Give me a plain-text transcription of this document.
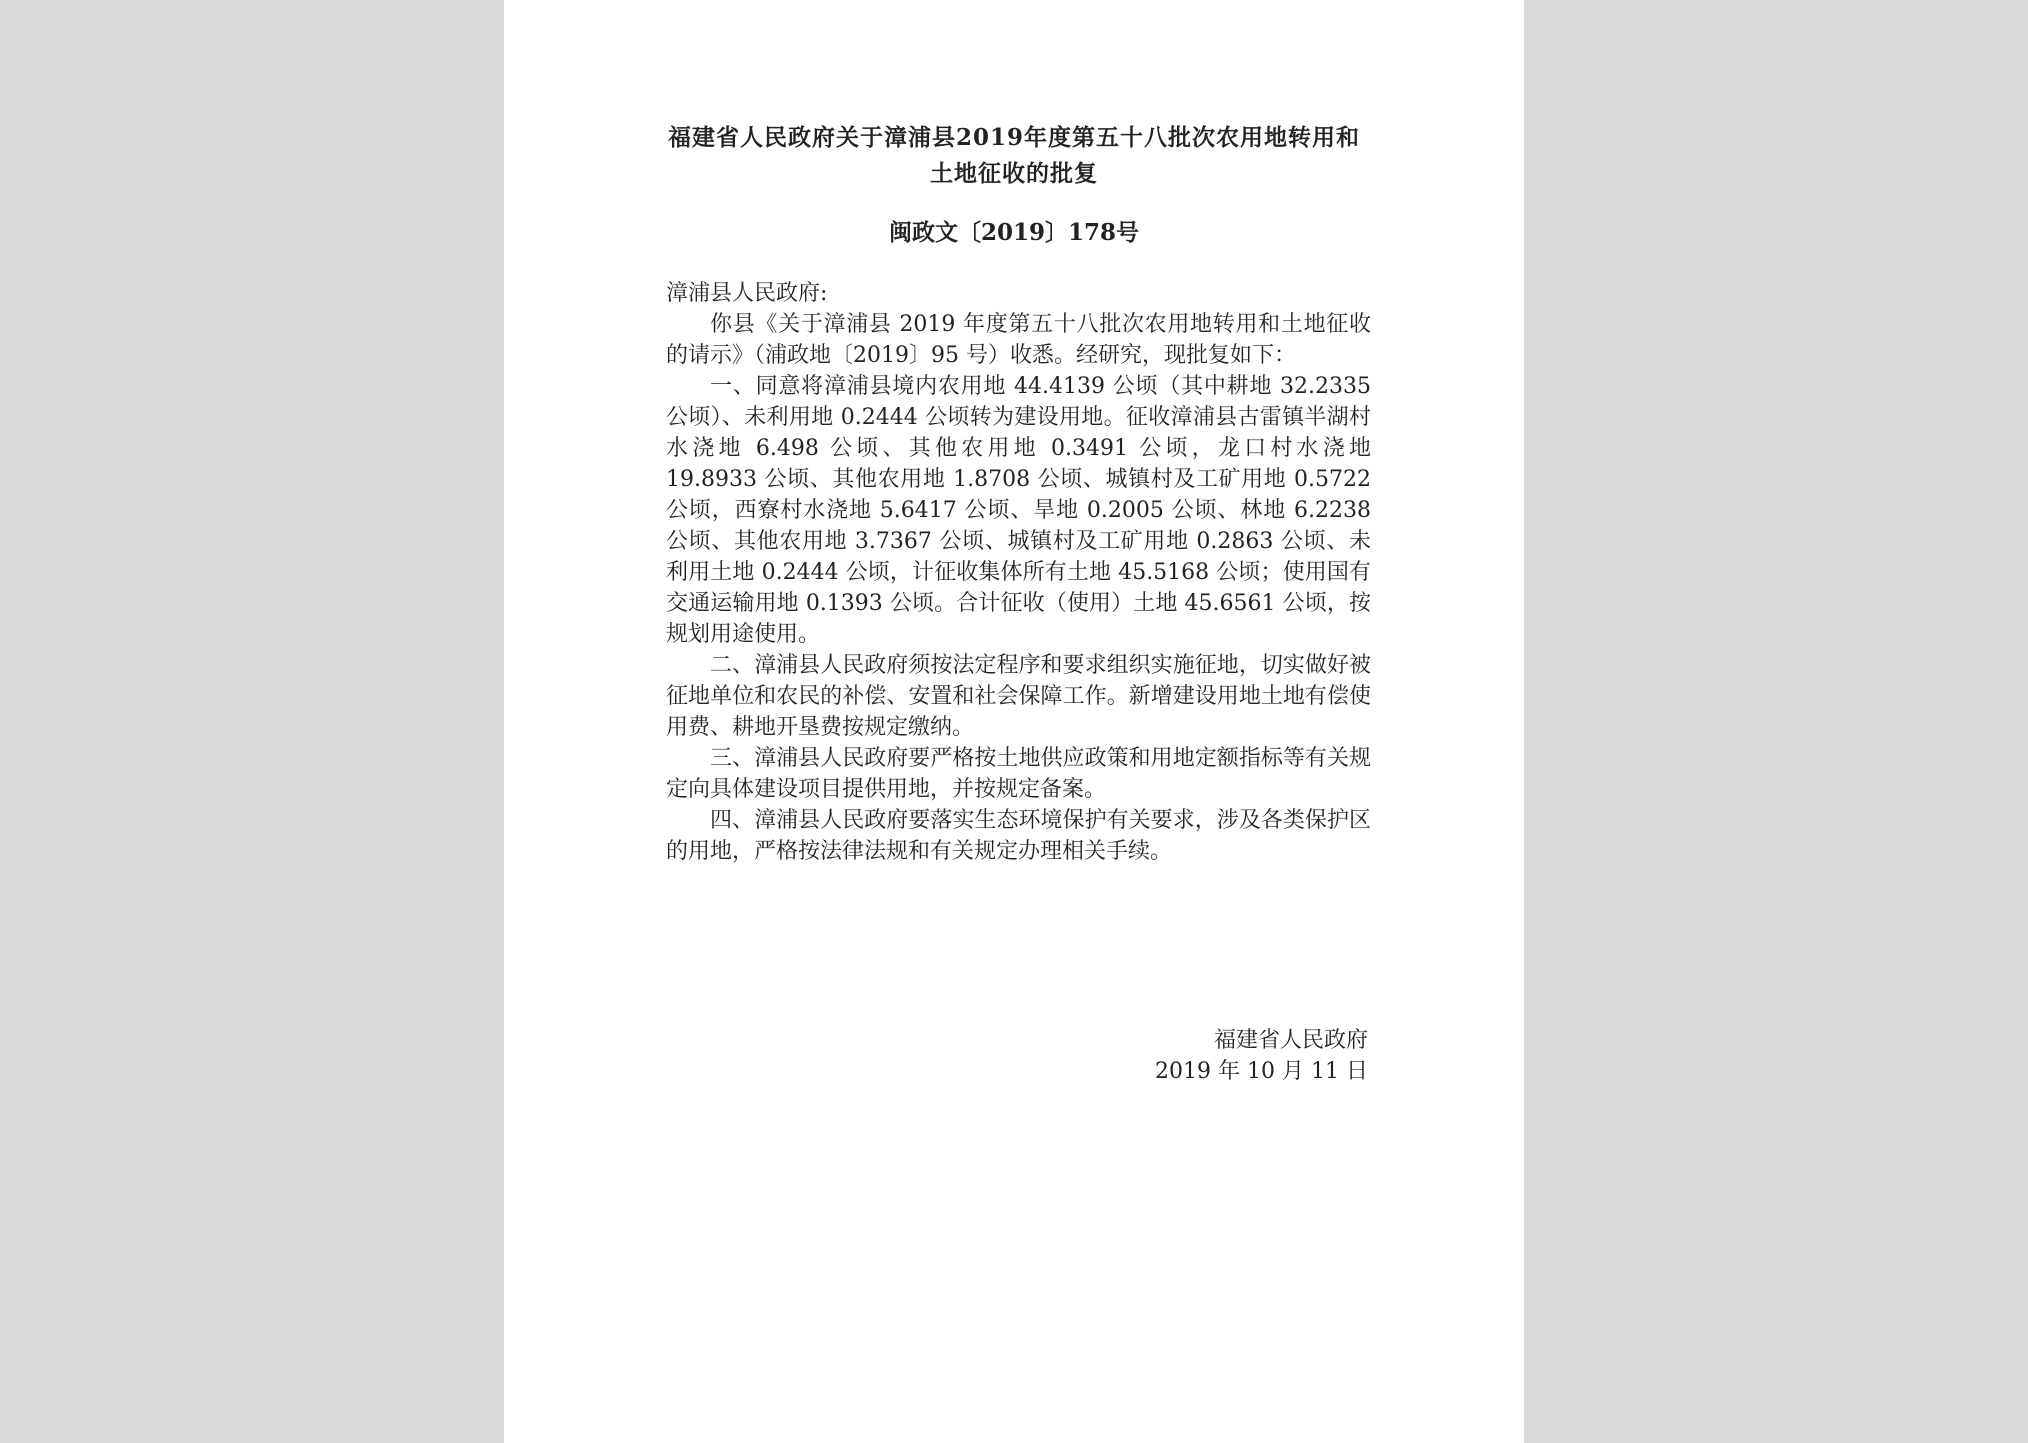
福建省人民政府关于漳浦县2019年度第五十八批次农用地转用和
土地征收的批复
闽政文〔2019〕178号

漳浦县人民政府:

你县《关于漳浦县 2019 年度第五十八批次农用地转用和土地征收的请示》（浦政地〔2019〕95 号）收悉。经研究，现批复如下：

一、同意将漳浦县境内农用地 44.4139 公顷（其中耕地 32.2335 公顷）、未利用地 0.2444 公顷转为建设用地。征收漳浦县古雷镇半湖村水浇地 6.498 公顷、其他农用地 0.3491 公顷，龙口村水浇地 19.8933 公顷、其他农用地 1.8708 公顷、城镇村及工矿用地 0.5722 公顷，西寮村水浇地 5.6417 公顷、旱地 0.2005 公顷、林地 6.2238 公顷、其他农用地 3.7367 公顷、城镇村及工矿用地 0.2863 公顷、未利用土地 0.2444 公顷，计征收集体所有土地 45.5168 公顷；使用国有交通运输用地 0.1393 公顷。合计征收（使用）土地 45.6561 公顷，按规划用途使用。

二、漳浦县人民政府须按法定程序和要求组织实施征地，切实做好被征地单位和农民的补偿、安置和社会保障工作。新增建设用地土地有偿使用费、耕地开垦费按规定缴纳。

三、漳浦县人民政府要严格按土地供应政策和用地定额指标等有关规定向具体建设项目提供用地，并按规定备案。

四、漳浦县人民政府要落实生态环境保护有关要求，涉及各类保护区的用地，严格按法律法规和有关规定办理相关手续。

福建省人民政府
2019 年 10 月 11 日
